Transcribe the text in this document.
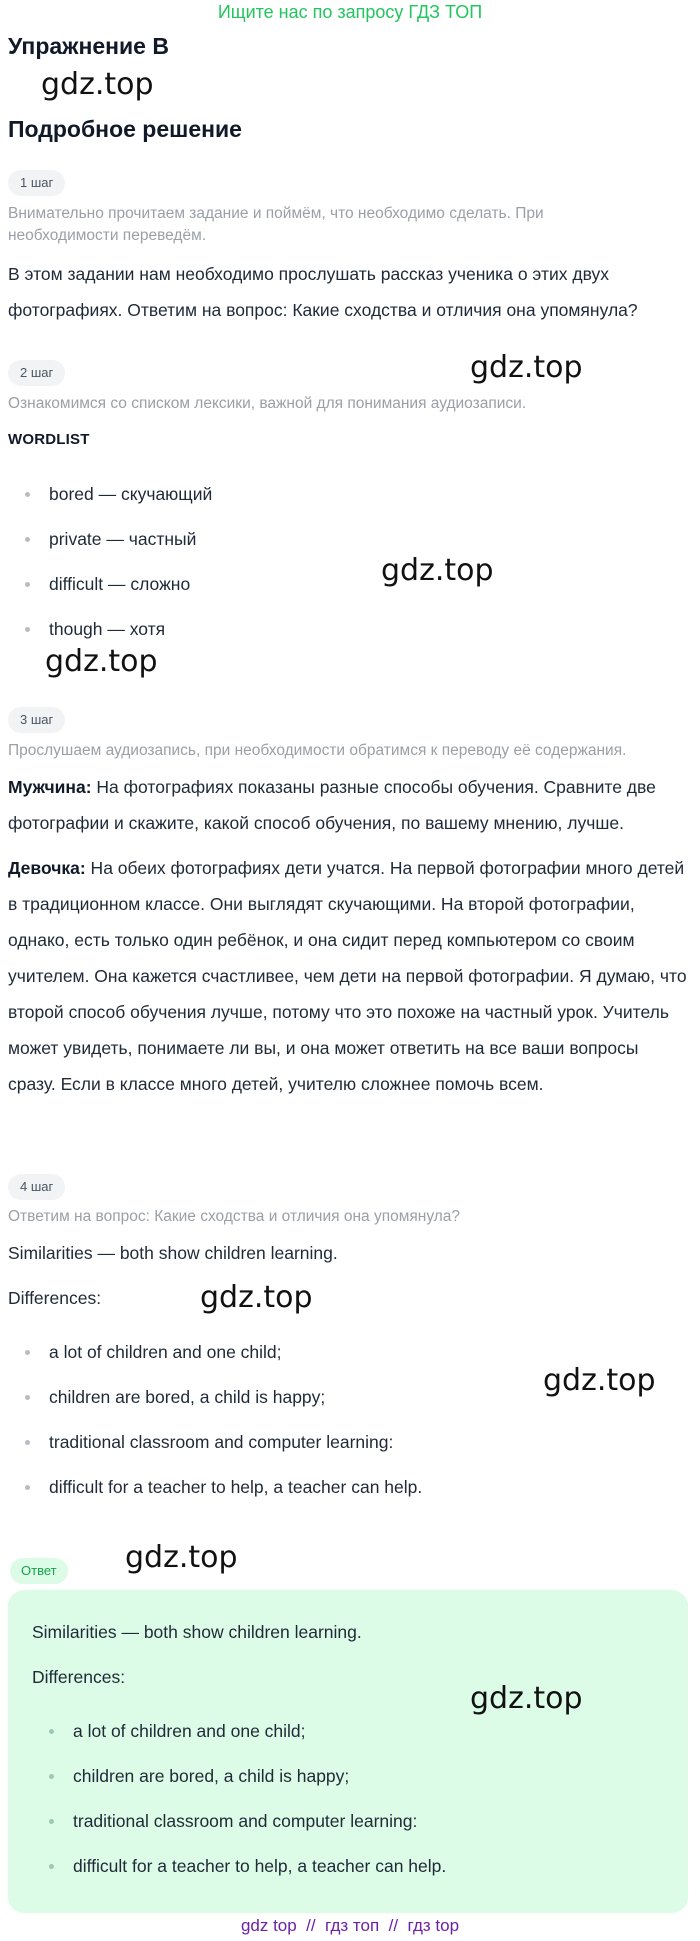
Ищите нас по запросу ГДЗ ТОП
Упражнение B
gdz.top
Подробное решение
1 шаг
Внимательно прочитаем задание и поймём, что необходимо сделать. При необходимости переведём.
В этом задании нам необходимо прослушать рассказ ученика о этих двух фотографиях. Ответим на вопрос: Какие сходства и отличия она упомянула?
2 шаг	gdz.top
Ознакомимся со списком лексики, важной для понимания аудиозаписи.
WORDLIST
bored — скучающий
private — частный
difficult — сложно
though — хотя
gdz.top
gdz.top
3 шаг
Прослушаем аудиозапись, при необходимости обратимся к переводу её содержания.
Мужчина: На фотографиях показаны разные способы обучения. Сравните две фотографии и скажите, какой способ обучения, по вашему мнению, лучше.
Девочка: На обеих фотографиях дети учатся. На первой фотографии много детей в традиционном классе. Они выглядят скучающими. На второй фотографии, однако, есть только один ребёнок, и она сидит перед компьютером со своим учителем. Она кажется счастливее, чем дети на первой фотографии. Я думаю, что второй способ обучения лучше, потому что это похоже на частный урок. Учитель может увидеть, понимаете ли вы, и она может ответить на все ваши вопросы сразу. Если в классе много детей, учителю сложнее помочь всем.
4 шаг
Ответим на вопрос: Какие сходства и отличия она упомянула?
Similarities — both show children learning.
Differences:	gdz.top
a lot of children and one child;
children are bored, a child is happy;
traditional classroom and computer learning:
difficult for a teacher to help, a teacher can help.
gdz.top
Ответ	gdz.top
Similarities — both show children learning.
Differences:
gdz.top
a lot of children and one child;
children are bored, a child is happy;
traditional classroom and computer learning:
difficult for a teacher to help, a teacher can help.
gdz top  //  гдз топ  //  гдз top
